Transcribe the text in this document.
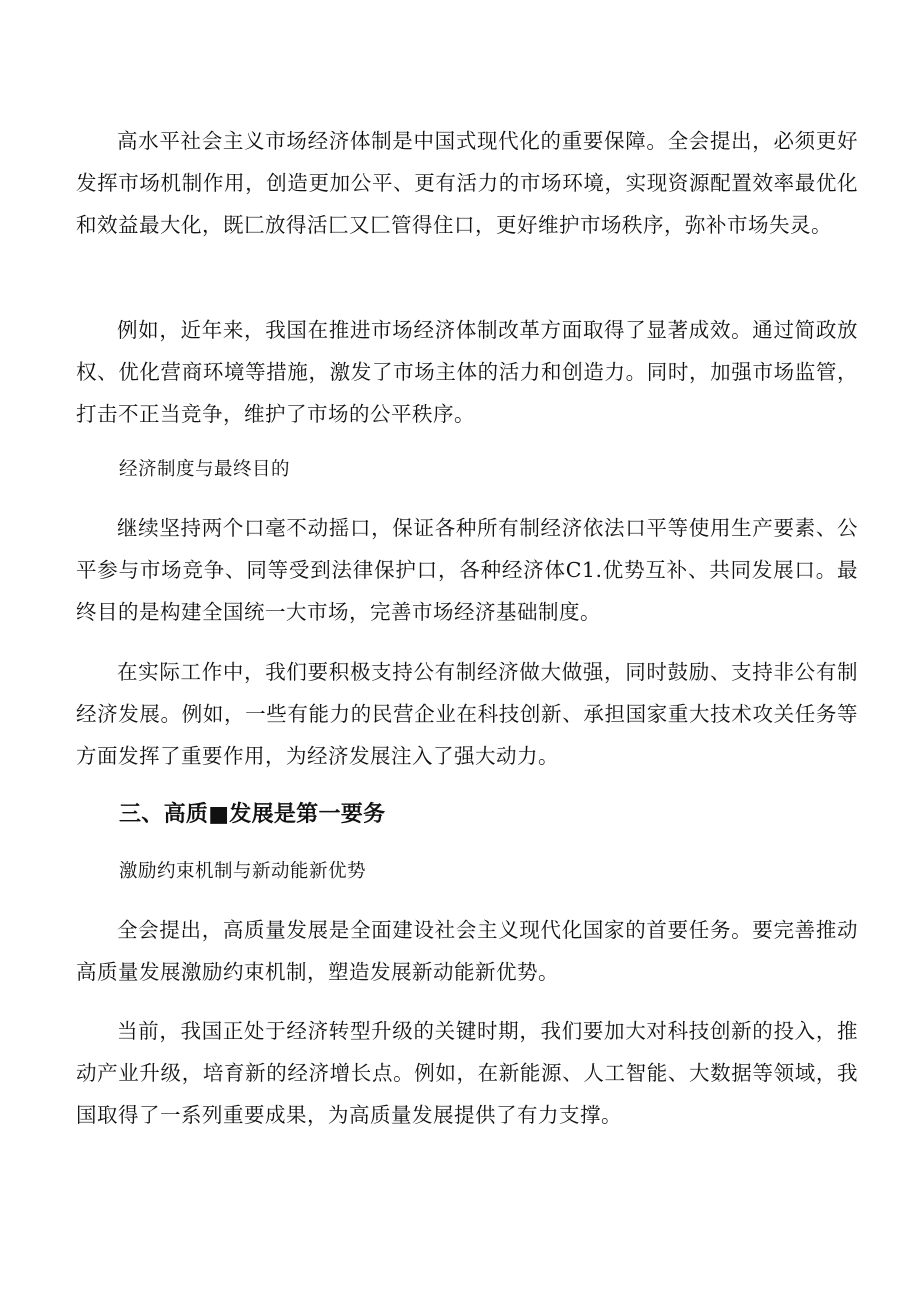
高水平社会主义市场经济体制是中国式现代化的重要保障。全会提出，必须更好发挥市场机制作用，创造更加公平、更有活力的市场环境，实现资源配置效率最优化和效益最大化，既匚放得活匚又匚管得住口，更好维护市场秩序，弥补市场失灵。

例如，近年来，我国在推进市场经济体制改革方面取得了显著成效。通过简政放权、优化营商环境等措施，激发了市场主体的活力和创造力。同时，加强市场监管，打击不正当竞争，维护了市场的公平秩序。

经济制度与最终目的

继续坚持两个口毫不动摇口，保证各种所有制经济依法口平等使用生产要素、公平参与市场竞争、同等受到法律保护口，各种经济体C1.优势互补、共同发展口。最终目的是构建全国统一大市场，完善市场经济基础制度。

在实际工作中，我们要积极支持公有制经济做大做强，同时鼓励、支持非公有制经济发展。例如，一些有能力的民营企业在科技创新、承担国家重大技术攻关任务等方面发挥了重要作用，为经济发展注入了强大动力。

三、高质■发展是第一要务

激励约束机制与新动能新优势

全会提出，高质量发展是全面建设社会主义现代化国家的首要任务。要完善推动高质量发展激励约束机制，塑造发展新动能新优势。

当前，我国正处于经济转型升级的关键时期，我们要加大对科技创新的投入，推动产业升级，培育新的经济增长点。例如，在新能源、人工智能、大数据等领域，我国取得了一系列重要成果，为高质量发展提供了有力支撑。
